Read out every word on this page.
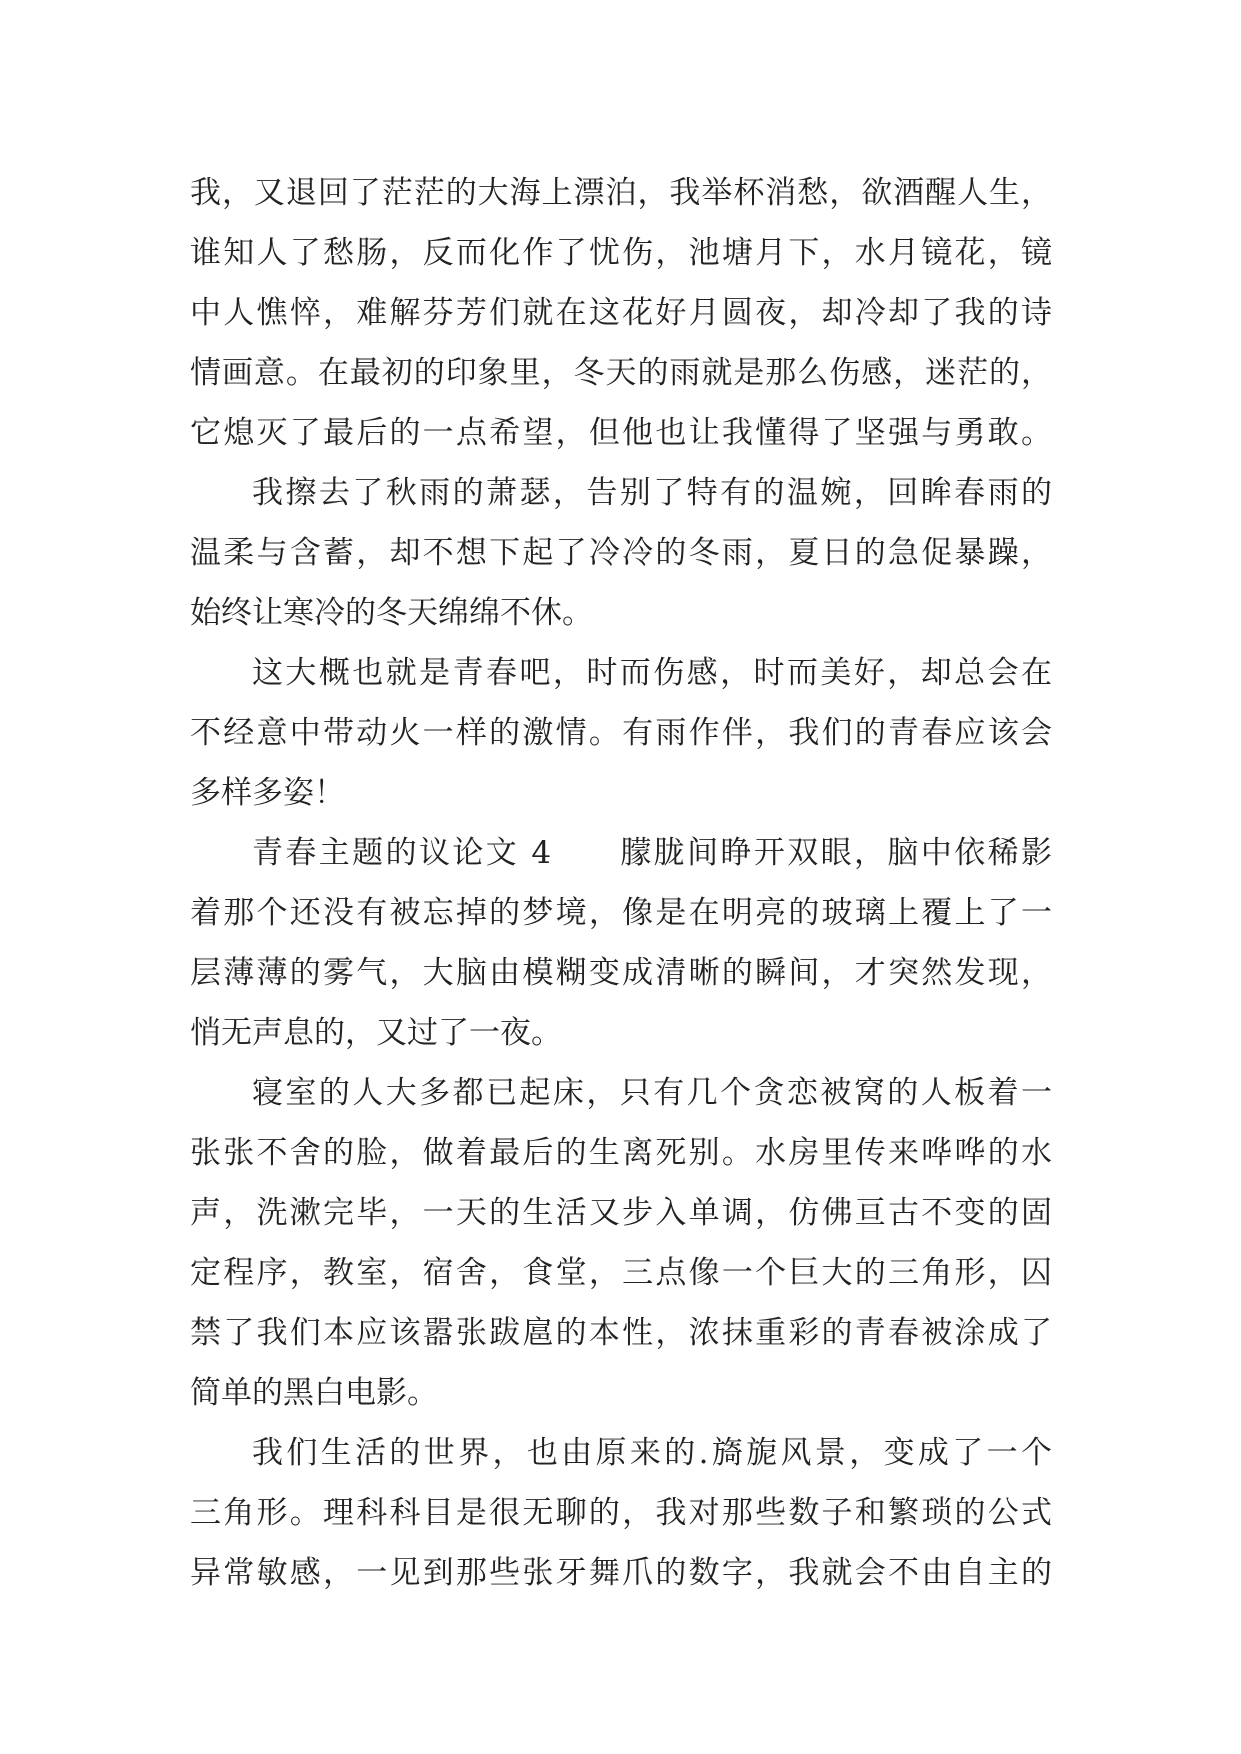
我，又退回了茫茫的大海上漂泊，我举杯消愁，欲酒醒人生，
谁知人了愁肠，反而化作了忧伤，池塘月下，水月镜花，镜
中人憔悴，难解芬芳们就在这花好月圆夜，却冷却了我的诗
情画意。在最初的印象里，冬天的雨就是那么伤感，迷茫的，
它熄灭了最后的一点希望，但他也让我懂得了坚强与勇敢。
我擦去了秋雨的萧瑟，告别了特有的温婉，回眸春雨的
温柔与含蓄，却不想下起了冷冷的冬雨，夏日的急促暴躁，
始终让寒冷的冬天绵绵不休。
这大概也就是青春吧，时而伤感，时而美好，却总会在
不经意中带动火一样的激情。有雨作伴，我们的青春应该会
多样多姿！
青春主题的议论文 4　　朦胧间睁开双眼，脑中依稀影
着那个还没有被忘掉的梦境，像是在明亮的玻璃上覆上了一
层薄薄的雾气，大脑由模糊变成清晰的瞬间，才突然发现，
悄无声息的，又过了一夜。
寝室的人大多都已起床，只有几个贪恋被窝的人板着一
张张不舍的脸，做着最后的生离死别。水房里传来哗哗的水
声，洗漱完毕，一天的生活又步入单调，仿佛亘古不变的固
定程序，教室，宿舍，食堂，三点像一个巨大的三角形，囚
禁了我们本应该嚣张跋扈的本性，浓抹重彩的青春被涂成了
简单的黑白电影。
我们生活的世界，也由原来的.旖旎风景，变成了一个
三角形。理科科目是很无聊的，我对那些数子和繁琐的公式
异常敏感，一见到那些张牙舞爪的数字，我就会不由自主的
